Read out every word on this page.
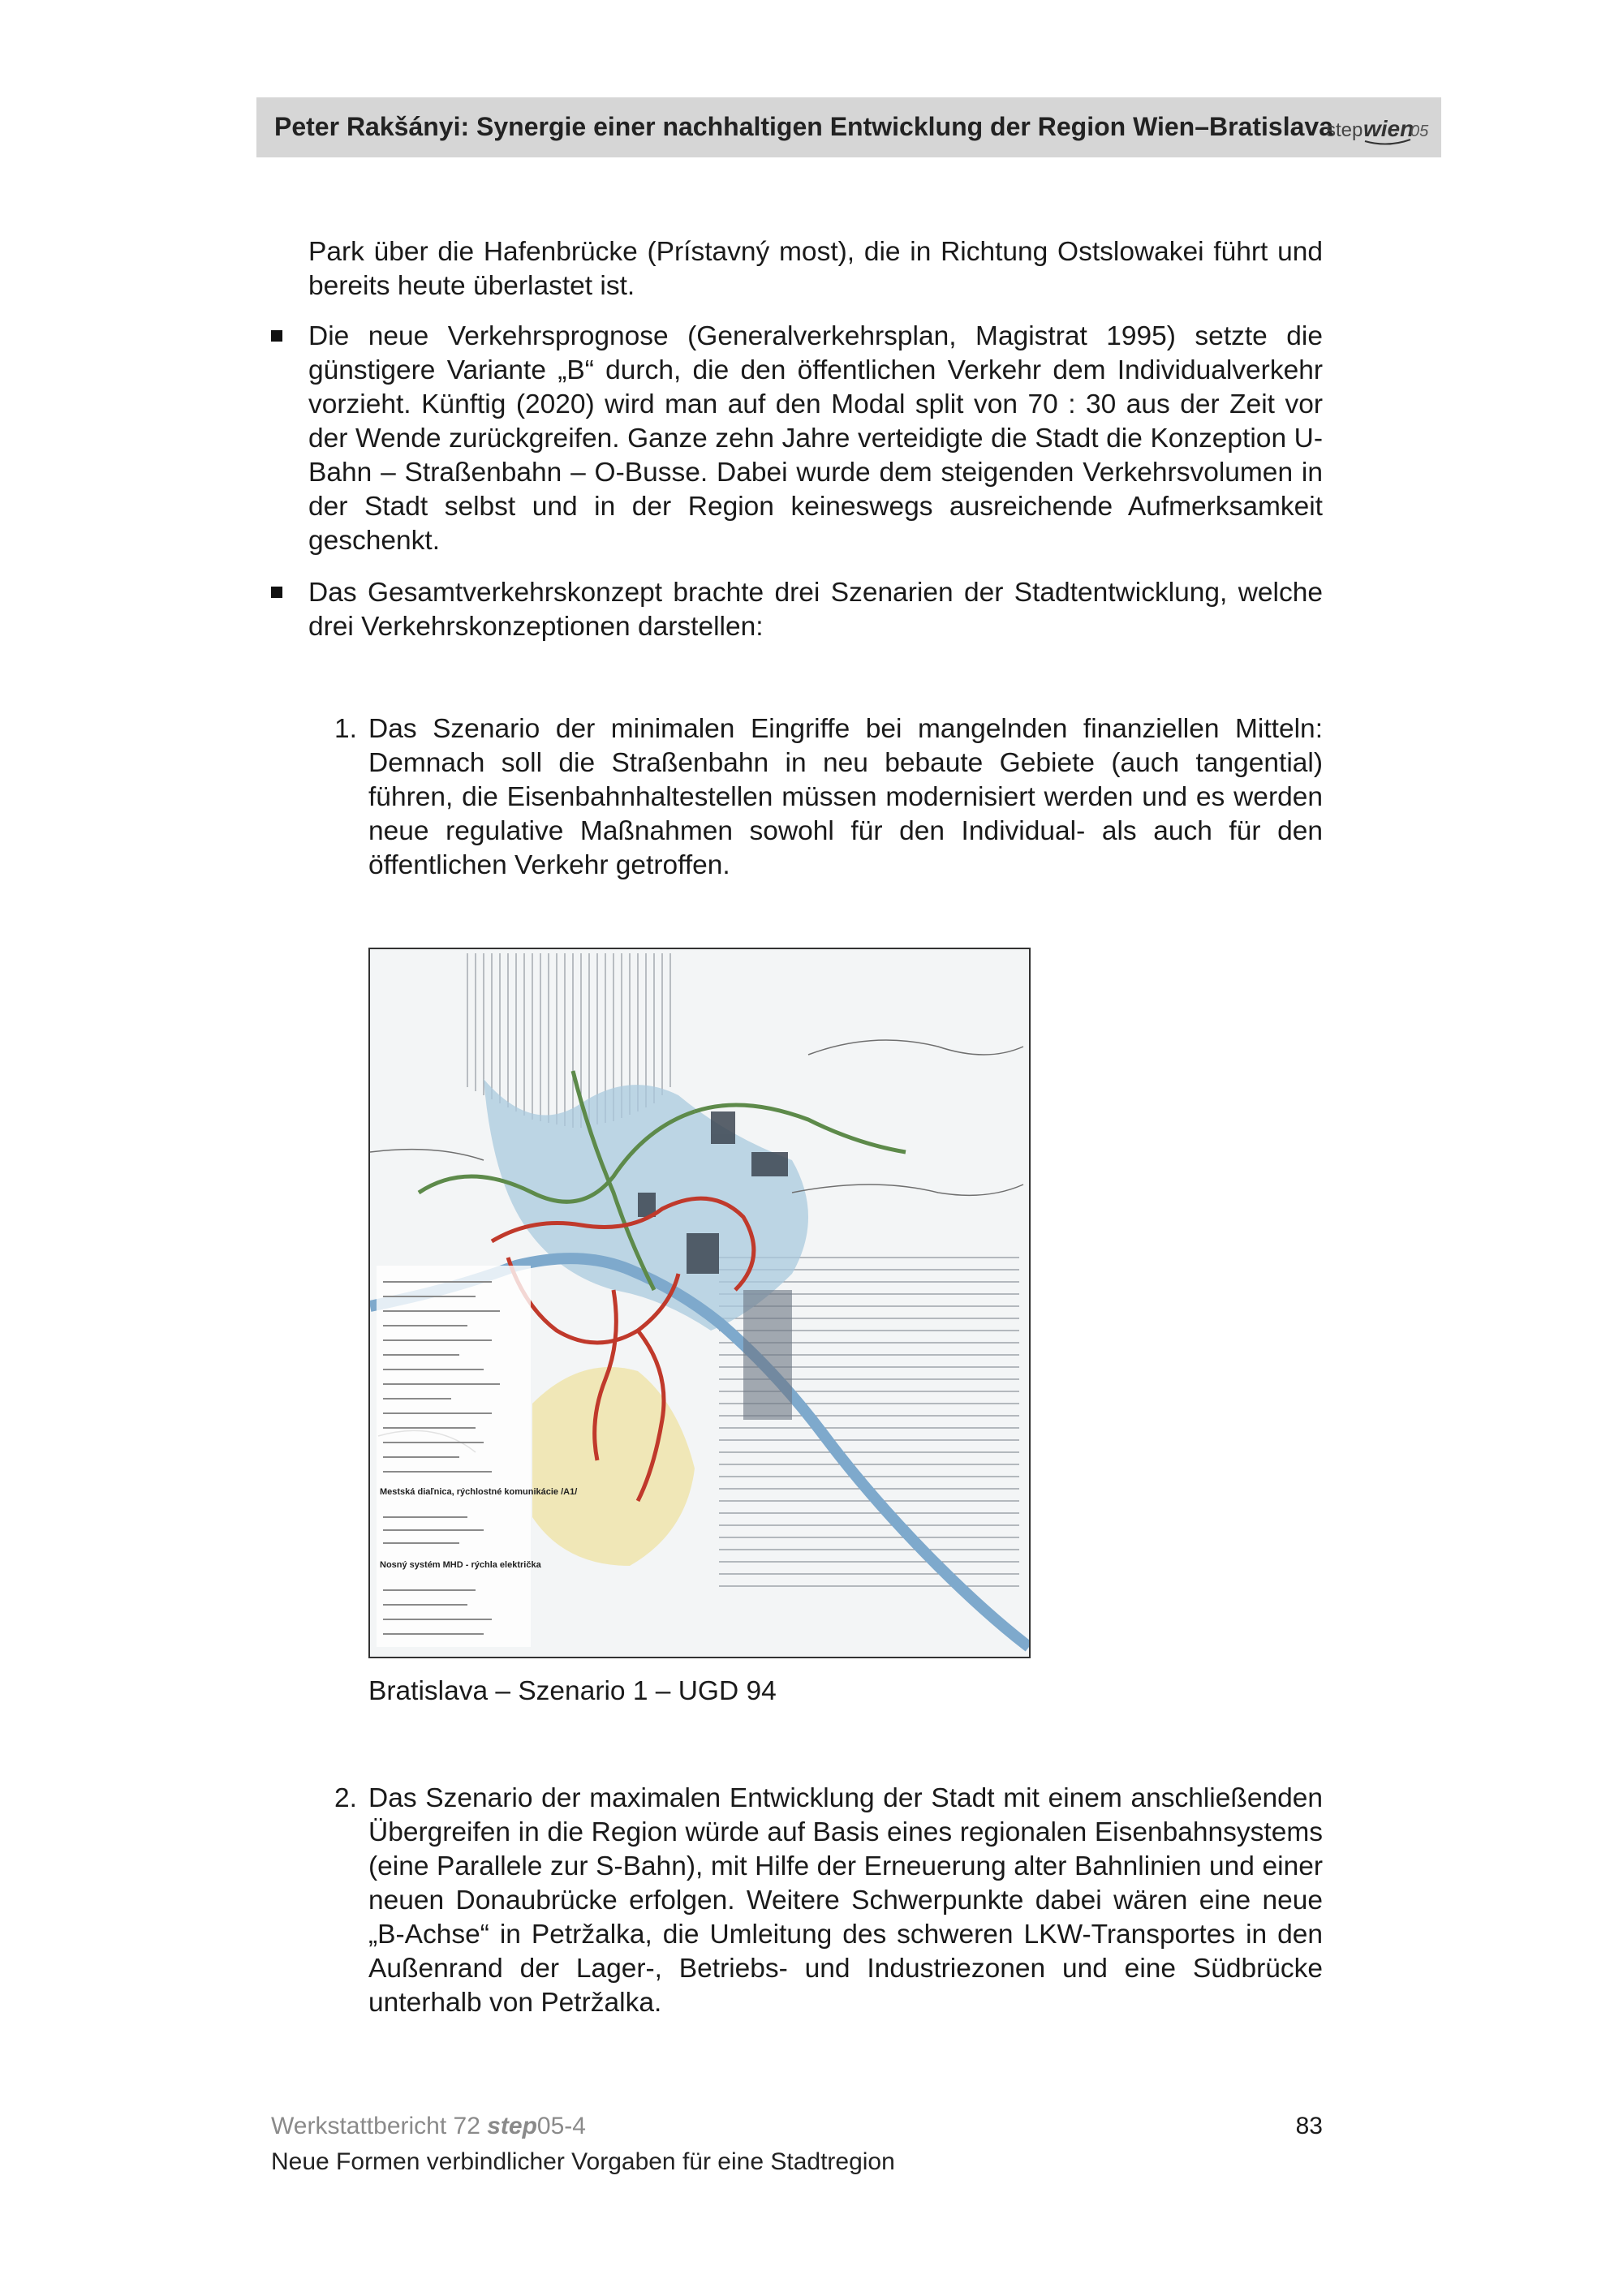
Peter Rakšányi: Synergie einer nachhaltigen Entwicklung der Region Wien–Bratislava
step wien
05

Park über die Hafenbrücke (Prístavný most), die in Richtung Ostslowakei führt und bereits heute überlastet ist.

Die neue Verkehrsprognose (Generalverkehrsplan, Magistrat 1995) setzte die günstigere Variante „B“ durch, die den öffentlichen Verkehr dem Individualverkehr vorzieht. Künftig (2020) wird man auf den Modal split von 70 : 30 aus der Zeit vor der Wende zurückgreifen. Ganze zehn Jahre verteidigte die Stadt die Konzeption U-Bahn – Straßenbahn – O-Busse. Dabei wurde dem steigenden Verkehrsvolumen in der Stadt selbst und in der Region keineswegs ausreichende Aufmerksamkeit geschenkt.

Das Gesamtverkehrskonzept brachte drei Szenarien der Stadtentwicklung, welche drei Verkehrskonzeptionen darstellen:

1. Das Szenario der minimalen Eingriffe bei mangelnden finanziellen Mitteln: Demnach soll die Straßenbahn in neu bebaute Gebiete (auch tangential) führen, die Eisenbahnhaltestellen müssen modernisiert werden und es werden neue regulative Maßnahmen sowohl für den Individual- als auch für den öffentlichen Verkehr getroffen.

Mestská diaľnica, rýchlostné komunikácie /A1/
Nosný systém MHD - rýchla električka
Bratislava – Szenario 1 – UGD 94
2. Das Szenario der maximalen Entwicklung der Stadt mit einem anschließenden Übergreifen in die Region würde auf Basis eines regionalen Eisenbahnsystems (eine Parallele zur S-Bahn), mit Hilfe der Erneuerung alter Bahnlinien und einer neuen Donaubrücke erfolgen. Weitere Schwerpunkte dabei wären eine neue „B-Achse“ in Petržalka, die Umleitung des schweren LKW-Transportes in den Außenrand der Lager-, Betriebs- und Industriezonen und eine Südbrücke unterhalb von Petržalka.

Werkstattbericht 72 step05-4
Neue Formen verbindlicher Vorgaben für eine Stadtregion
83
